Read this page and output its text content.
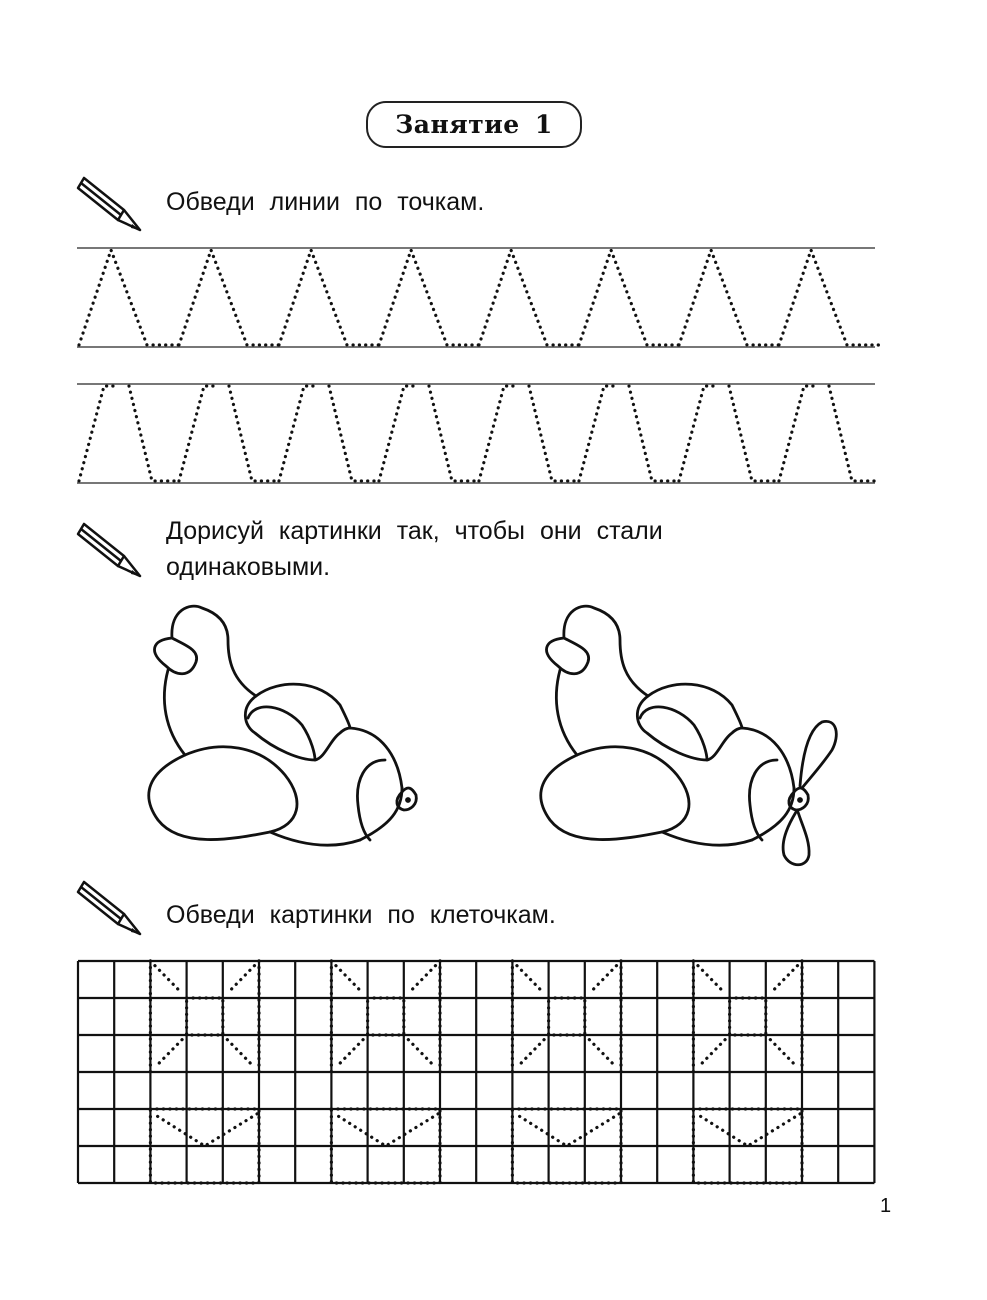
Занятие 1
Обведи линии по точкам.
Дорисуй картинки так, чтобы они стали
одинаковыми.
Обведи картинки по клеточкам.
1
